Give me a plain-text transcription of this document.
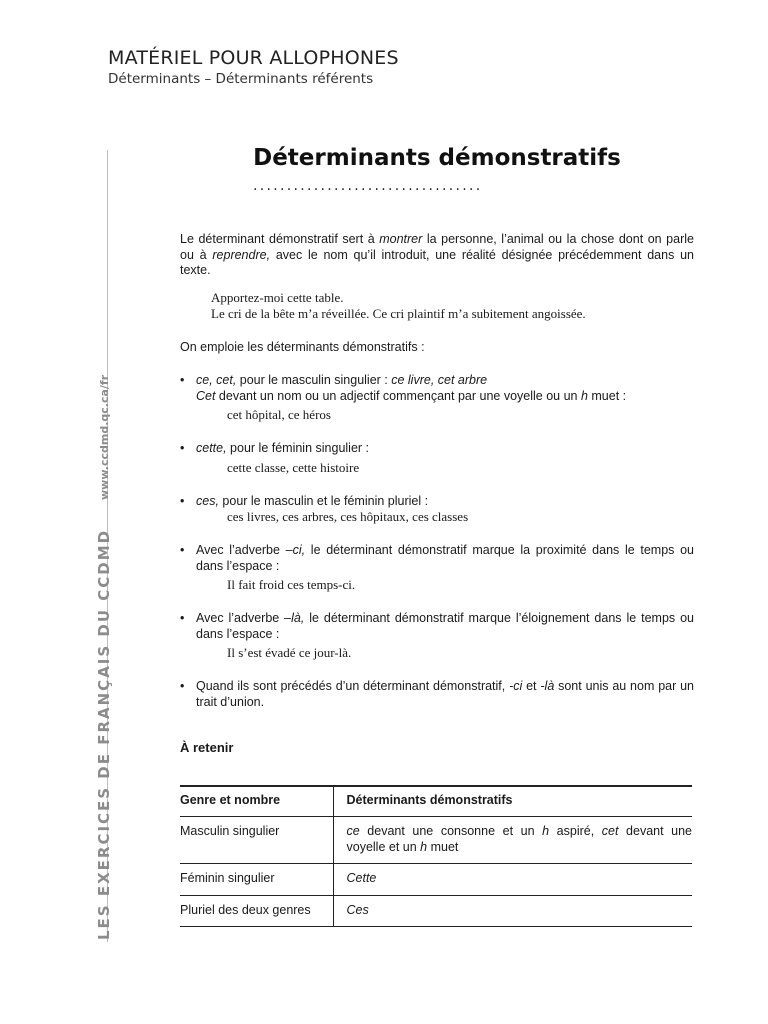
MATÉRIEL POUR ALLOPHONES
Déterminants – Déterminants référents
LES EXERCICES DE FRANÇAIS DU CCDMD
www.ccdmd.qc.ca/fr
Déterminants démonstratifs
..................................

Le déterminant démonstratif sert à montrer la personne, l’animal ou la chose dont on parle ou à reprendre, avec le nom qu’il introduit, une réalité désignée précédemment dans un texte.

Apportez-moi cette table.
Le cri de la bête m’a réveillée. Ce cri plaintif m’a subitement angoissée.

On emploie les déterminants démonstratifs :

• ce, cet, pour le masculin singulier : ce livre, cet arbre
Cet devant un nom ou un adjectif commençant par une voyelle ou un h muet :
cet hôpital, ce héros
• cette, pour le féminin singulier :
cette classe, cette histoire
• ces, pour le masculin et le féminin pluriel :
ces livres, ces arbres, ces hôpitaux, ces classes
• Avec l’adverbe –ci, le déterminant démonstratif marque la proximité dans le temps ou dans l’espace :
Il fait froid ces temps-ci.
• Avec l’adverbe –là, le déterminant démonstratif marque l’éloignement dans le temps ou dans l’espace :
Il s’est évadé ce jour-là.
• Quand ils sont précédés d’un déterminant démonstratif, -ci et -là sont unis au nom par un trait d’union.

À retenir

Genre et nombre	Déterminants démonstratifs
Masculin singulier	ce devant une consonne et un h aspiré, cet devant une voyelle et un h muet
Féminin singulier	Cette
Pluriel des deux genres	Ces
